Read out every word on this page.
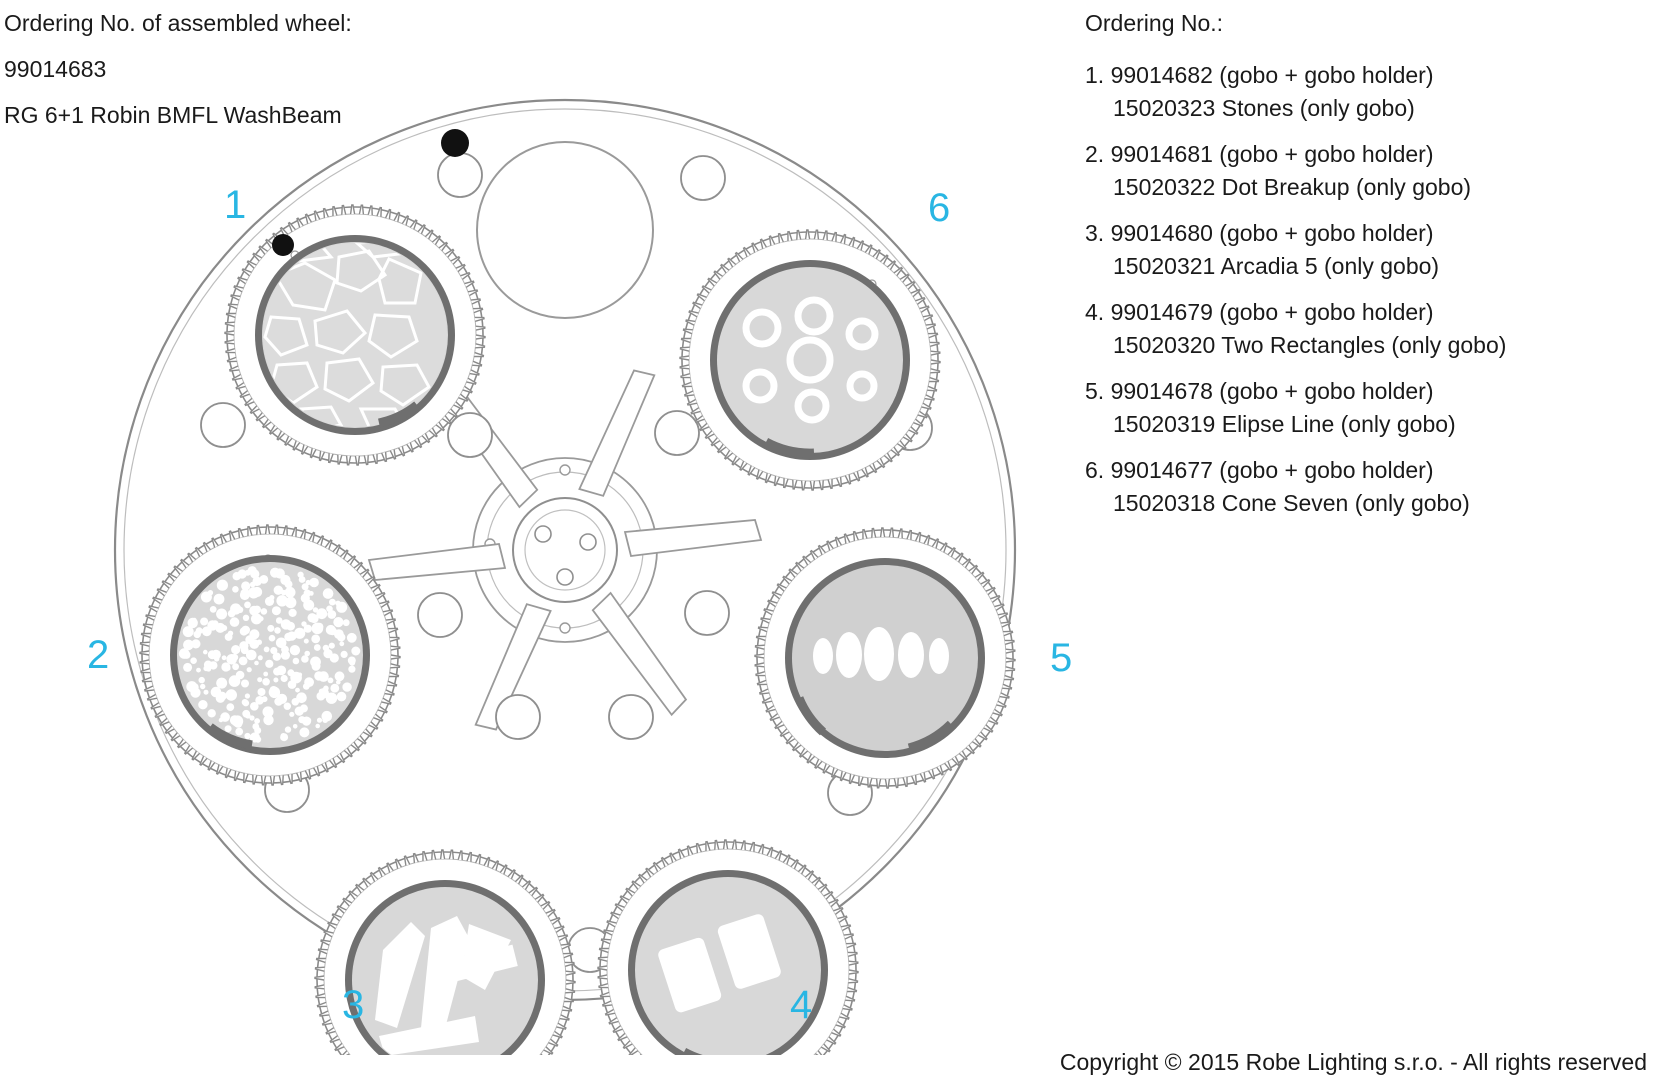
Ordering No. of assembled wheel:
99014683
RG 6+1 Robin BMFL WashBeam
Ordering No.:
1. 99014682 (gobo + gobo holder)
15020323 Stones (only gobo)
2. 99014681 (gobo + gobo holder)
15020322 Dot Breakup (only gobo)
3. 99014680 (gobo + gobo holder)
15020321 Arcadia 5 (only gobo)
4. 99014679 (gobo + gobo holder)
15020320 Two Rectangles (only gobo)
5. 99014678 (gobo + gobo holder)
15020319 Elipse Line (only gobo)
6. 99014677 (gobo + gobo holder)
15020318 Cone Seven (only gobo)
1
2
3	4
5
6
Copyright © 2015 Robe Lighting s.r.o. - All rights reserved
